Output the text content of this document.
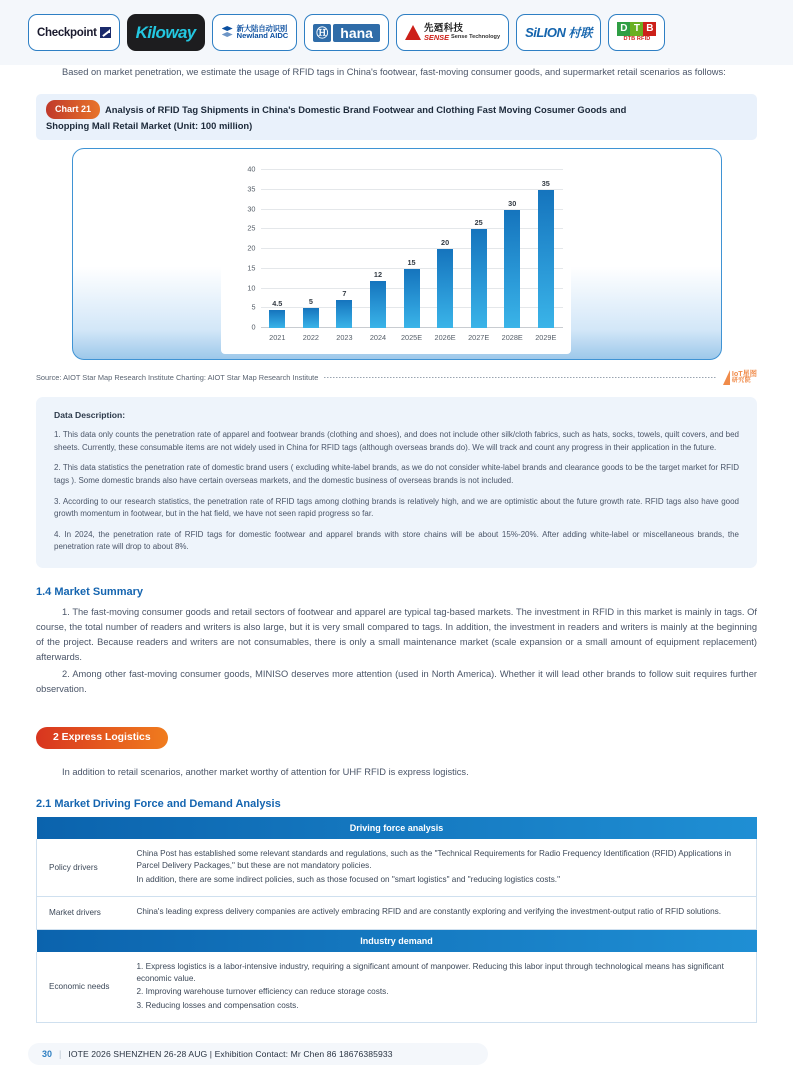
Checkpoint Kiloway	新大陆自动识别
Newland AIDC Ⓗ hana	先廼科技
SENSE Sense Technology SiLION 村联	D T B
DTB RFID

Based on market penetration, we estimate the usage of RFID tags in China's footwear, fast-moving consumer goods, and supermarket retail scenarios as follows:

Chart 21 Analysis of RFID Tag Shipments in China's Domestic Brand Footwear and Clothing Fast Moving Cosumer Goods and
Shopping Mall Retail Market (Unit: 100 million)
0
5
10
15
20
25
30
35
40
4.5	5
7
12
15
20
25
30
35
2021	2022	2023	2024	2025E	2026E	2027E	2028E	2029E
Source: AIOT Star Map Research Institute Charting: AIOT Star Map Research Institute	IoT星图
研究院
Data Description:
1. This data only counts the penetration rate of apparel and footwear brands (clothing and shoes), and does not include other silk/cloth fabrics, such as hats, socks, towels, quilt covers, and bed sheets. Currently, these consumable items are not widely used in China for RFID tags (although overseas brands do). We will track and count any progress in their application in the future.
2. This data statistics the penetration rate of domestic brand users ( excluding white-label brands, as we do not consider white-label brands and clearance goods to be the target market for RFID tags ). Some domestic brands also have certain overseas markets, and the domestic business of overseas brands is not included.
3. According to our research statistics, the penetration rate of RFID tags among clothing brands is relatively high, and we are optimistic about the future growth rate. RFID tags also have good growth momentum in footwear, but in the hat field, we have not seen rapid progress so far.
4. In 2024, the penetration rate of RFID tags for domestic footwear and apparel brands with store chains will be about 15%-20%. After adding white-label or miscellaneous brands, the penetration rate will drop to about 8%.
1.4 Market Summary

1. The fast-moving consumer goods and retail sectors of footwear and apparel are typical tag-based markets. The investment in RFID in this market is mainly in tags. Of course, the total number of readers and writers is also large, but it is very small compared to tags. In addition, the investment in readers and writers is mainly at the beginning of the project. Because readers and writers are not consumables, there is only a small maintenance market (scale expansion or a small amount of equipment replacement) afterwards.

2. Among other fast-moving consumer goods, MINISO deserves more attention (used in North America). Whether it will lead other brands to follow suit requires further observation.

2 Express Logistics

In addition to retail scenarios, another market worthy of attention for UHF RFID is express logistics.

2.1 Market Driving Force and Demand Analysis
Driving force analysis	
Policy drivers	China Post has established some relevant standards and regulations, such as the "Technical Requirements for Radio Frequency Identification (RFID) Applications in Parcel Delivery Packages," but these are not mandatory policies.
In addition, there are some indirect policies, such as those focused on "smart logistics" and "reducing logistics costs."

Market drivers	China's leading express delivery companies are actively embracing RFID and are constantly exploring and verifying the investment-output ratio of RFID solutions.

Industry demand	
Economic needs	1. Express logistics is a labor-intensive industry, requiring a significant amount of manpower. Reducing this labor input through technological means has significant economic value.
2. Improving warehouse turnover efficiency can reduce storage costs.
3. Reducing losses and compensation costs.
30 | IOTE 2026 SHENZHEN 26-28 AUG | Exhibition Contact: Mr Chen 86 18676385933
